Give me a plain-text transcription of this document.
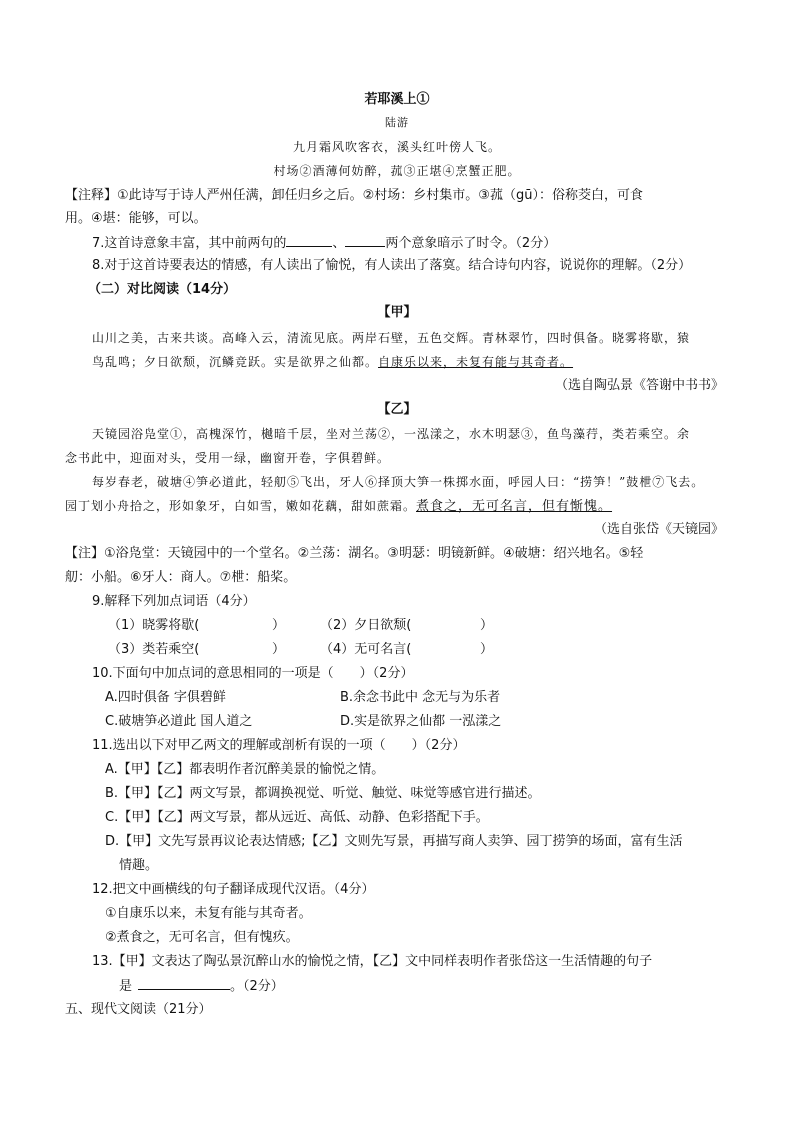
若耶溪上①
陆游
九月霜风吹客衣，溪头红叶傍人飞。
村场②酒薄何妨醉，菰③正堪④烹蟹正肥。
【注释】①此诗写于诗人严州任满，卸任归乡之后。②村场：乡村集市。③菰（gū）：俗称茭白，可食
用。④堪：能够，可以。
7.这首诗意象丰富，其中前两句的	、	两个意象暗示了时令。（2分）
8.对于这首诗要表达的情感，有人读出了愉悦，有人读出了落寞。结合诗句内容，说说你的理解。（2分）
（二）对比阅读（14分）
【甲】
山川之美，古来共谈。高峰入云，清流见底。两岸石壁，五色交辉。青林翠竹，四时俱备。晓雾将歇，猿
鸟乱鸣；夕日欲颓，沉鳞竞跃。实是欲界之仙都。自康乐以来，未复有能与其奇者。
（选自陶弘景《答谢中书书》
【乙】
天镜园浴凫堂①，高槐深竹，樾暗千层，坐对兰荡②，一泓漾之，水木明瑟③，鱼鸟藻荇，类若乘空。余
念书此中，迎面对头，受用一绿，幽窗开卷，字俱碧鲜。
每岁春老，破塘④笋必道此，轻舠⑤飞出，牙人⑥择顶大笋一株掷水面，呼园人曰：“捞笋！”鼓枻⑦飞去。
园丁划小舟拾之，形如象牙，白如雪，嫩如花藕，甜如蔗霜。煮食之，无可名言，但有惭愧。
（选自张岱《天镜园》
【注】①浴凫堂：天镜园中的一个堂名。②兰荡：湖名。③明瑟：明镜新鲜。④破塘：绍兴地名。⑤轻
舠：小船。⑥牙人：商人。⑦枻：船桨。
9.解释下列加点词语（4分）
（1）晓雾将歇(	）	（2）夕日欲颓(	）
（3）类若乘空(	）	（4）无可名言(	）
10.下面句中加点词的意思相同的一项是（　　）（2分）
A.四时俱备 字俱碧鲜	B.余念书此中 念无与为乐者
C.破塘笋必道此 国人道之	D.实是欲界之仙都 一泓漾之
11.选出以下对甲乙两文的理解或剖析有误的一项（　　）（2分）
A.【甲】【乙】都表明作者沉醉美景的愉悦之情。
B.【甲】【乙】两文写景，都调换视觉、听觉、触觉、味觉等感官进行描述。
C.【甲】【乙】两文写景，都从远近、高低、动静、色彩搭配下手。
D.【甲】文先写景再议论表达情感;【乙】文则先写景，再描写商人卖笋、园丁捞笋的场面，富有生活
情趣。
12.把文中画横线的句子翻译成现代汉语。（4分）
①自康乐以来，未复有能与其奇者。
②煮食之，无可名言，但有愧疚。
13.【甲】文表达了陶弘景沉醉山水的愉悦之情，【乙】文中同样表明作者张岱这一生活情趣的句子
是	。（2分）
五、现代文阅读（21分）
